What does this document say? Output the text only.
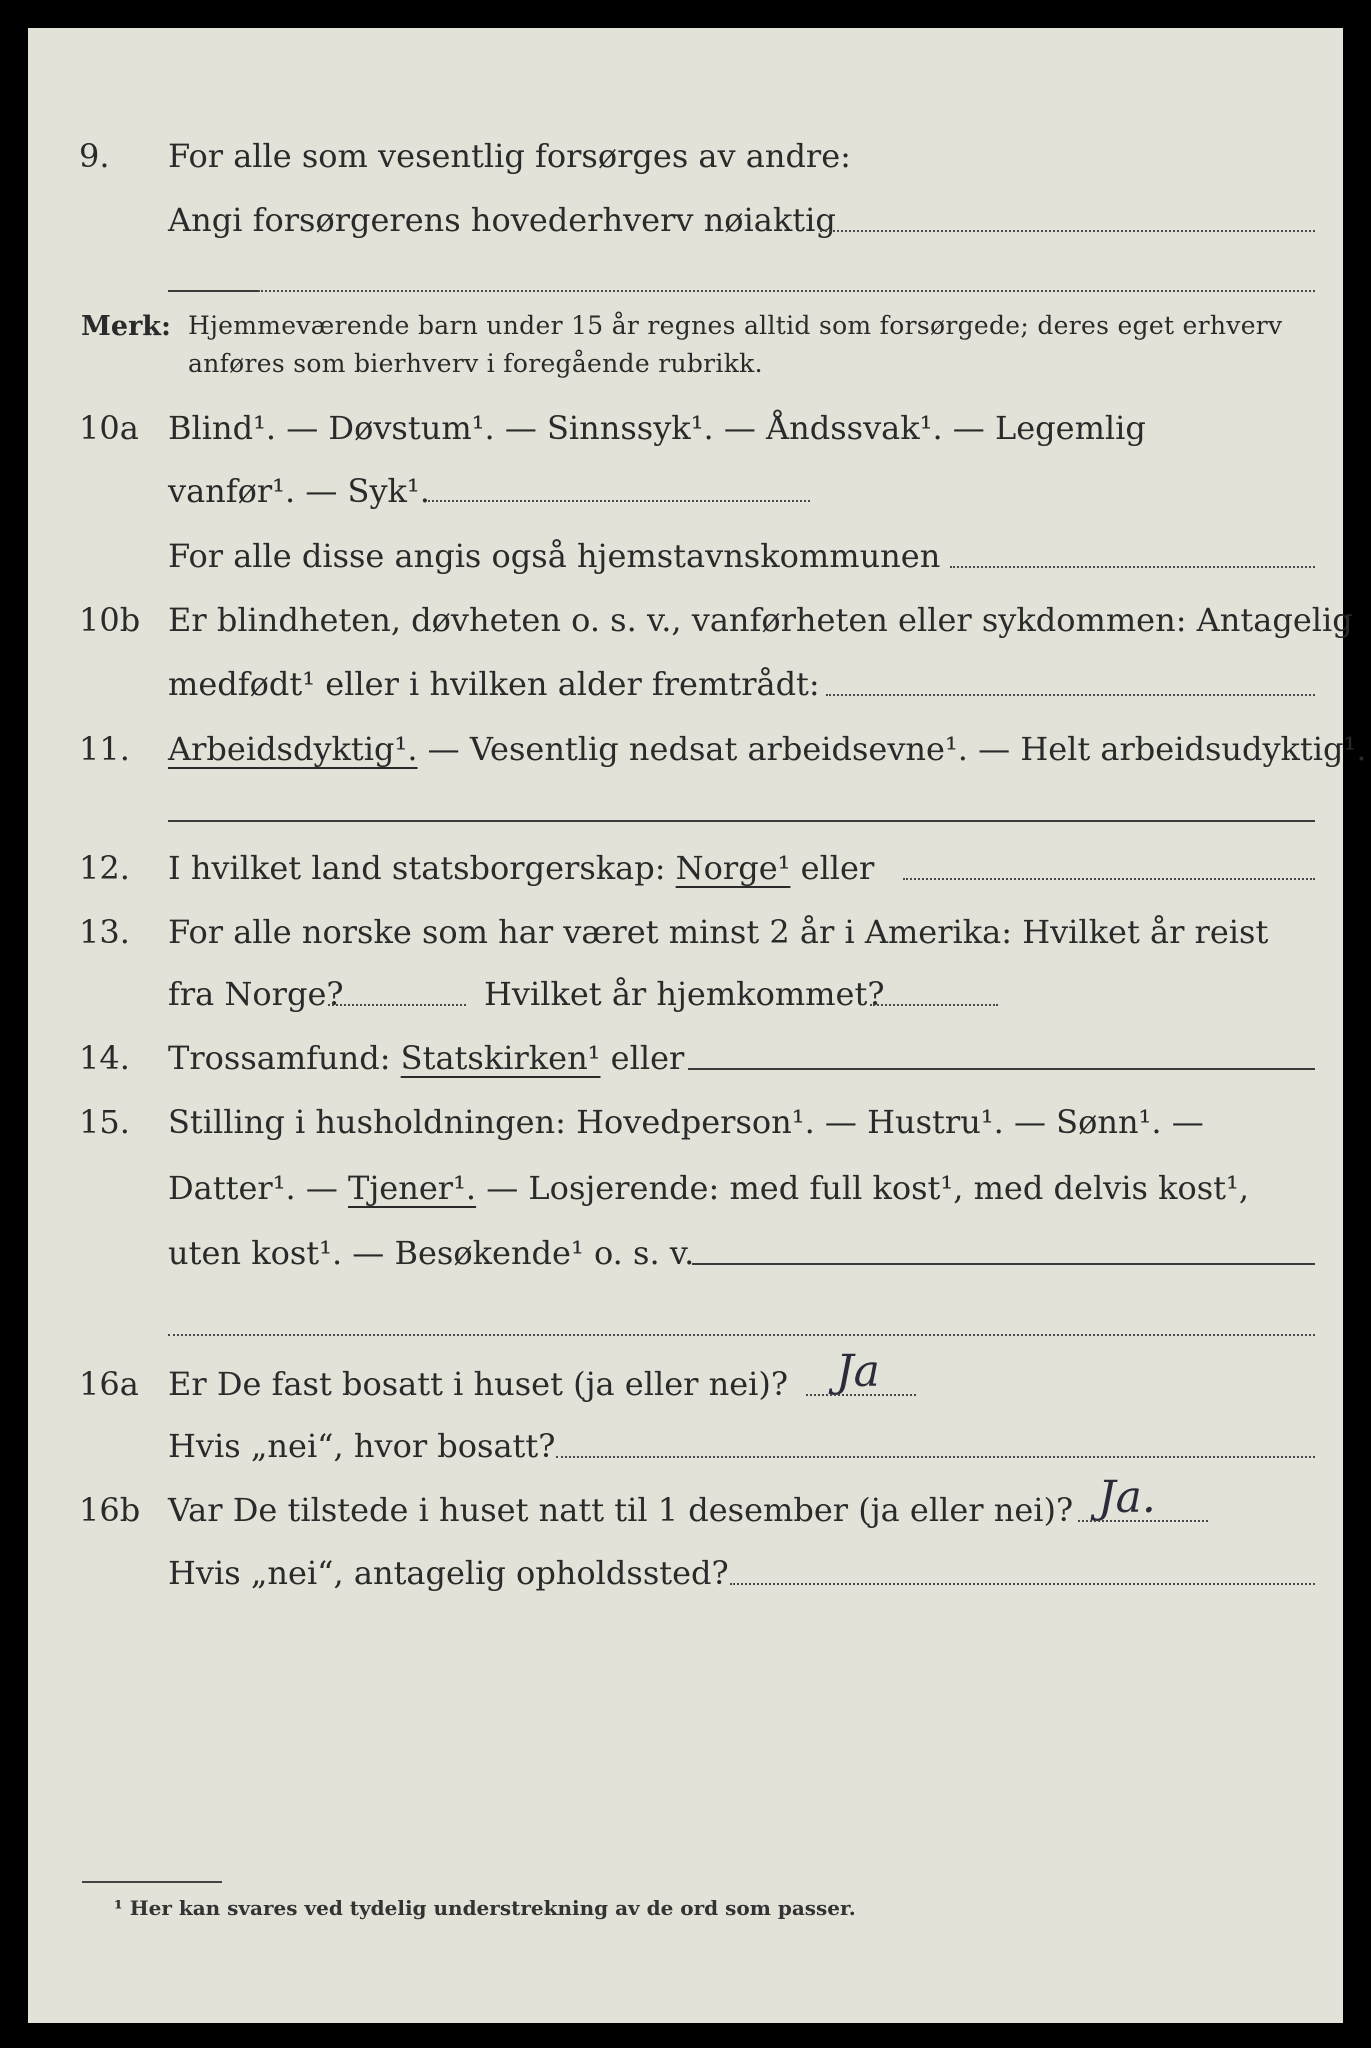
9. For alle som vesentlig forsørges av andre:
Angi forsørgerens hovederhverv nøiaktig
Merk: Hjemmeværende barn under 15 år regnes alltid som forsørgede; deres eget erhverv
anføres som bierhverv i foregående rubrikk.
10a Blind¹. — Døvstum¹. — Sinnssyk¹. — Åndssvak¹. — Legemlig
vanfør¹. — Syk¹.
For alle disse angis også hjemstavnskommunen
10b Er blindheten, døvheten o. s. v., vanførheten eller sykdommen: Antagelig
medfødt¹ eller i hvilken alder fremtrådt:
11. Arbeidsdyktig¹. — Vesentlig nedsat arbeidsevne¹. — Helt arbeidsudyktig¹.
12. I hvilket land statsborgerskap: Norge¹ eller
13. For alle norske som har været minst 2 år i Amerika: Hvilket år reist
fra Norge?	Hvilket år hjemkommet?
14. Trossamfund: Statskirken¹ eller
15. Stilling i husholdningen: Hovedperson¹. — Hustru¹. — Sønn¹. —
Datter¹. — Tjener¹. — Losjerende: med full kost¹, med delvis kost¹,
uten kost¹. — Besøkende¹ o. s. v.
16a Er De fast bosatt i huset (ja eller nei)? Ja
Hvis „nei“, hvor bosatt?
16b Var De tilstede i huset natt til 1 desember (ja eller nei)? Ja.
Hvis „nei“, antagelig opholdssted?
¹ Her kan svares ved tydelig understrekning av de ord som passer.
